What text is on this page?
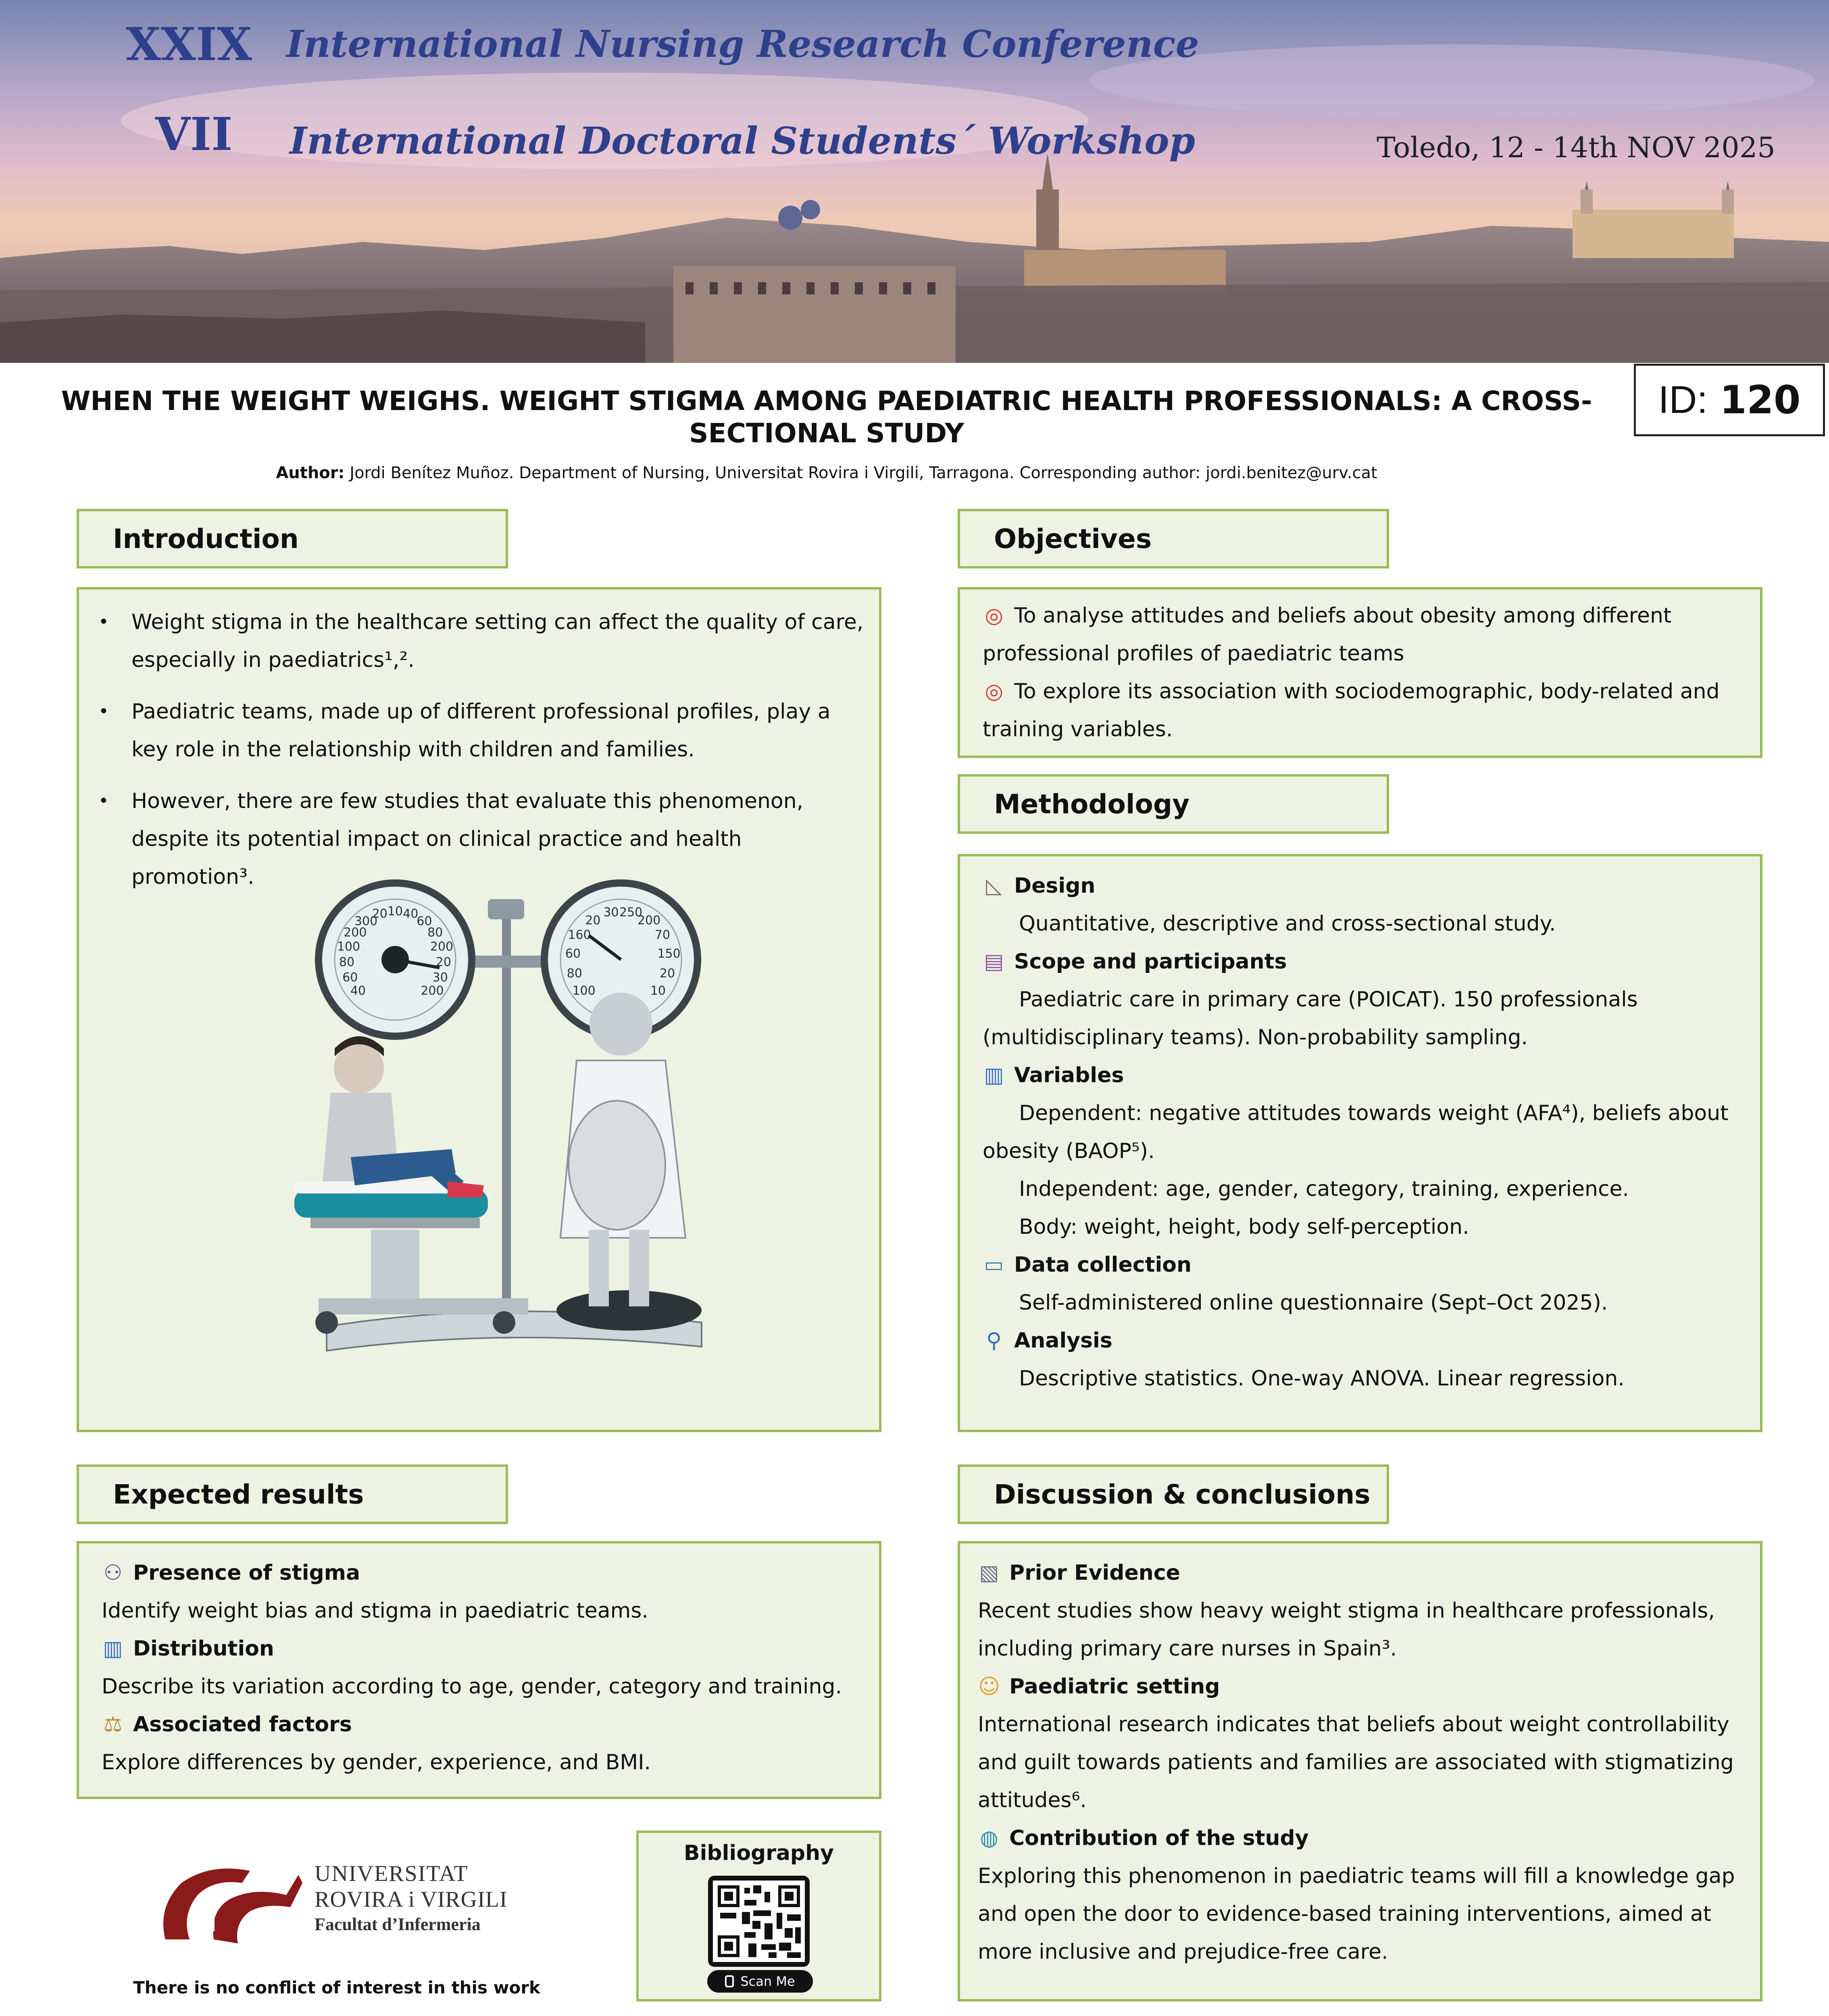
XXIX International Nursing Research Conference
VII International Doctoral Students´ Workshop	Toledo, 12 - 14th NOV 2025
WHEN THE WEIGHT WEIGHS. WEIGHT STIGMA AMONG PAEDIATRIC HEALTH PROFESSIONALS: A CROSS-SECTIONAL STUDY
ID: 120
Author: Jordi Benítez Muñoz. Department of Nursing, Universitat Rovira i Virgili, Tarragona. Corresponding author: jordi.benitez@urv.cat
Introduction
• Weight stigma in the healthcare setting can affect the quality of care, especially in paediatrics¹,².
• Paediatric teams, made up of different professional profiles, play a key role in the relationship with children and families.
• However, there are few studies that evaluate this phenomenon, despite its potential impact on clinical practice and health promotion³.
40
60
80
100
200
300
20 10 40
60
80
200
20
30
200	100
80
60
160
20
30 250
200
70
150
20
10
Objectives
◎ To analyse attitudes and beliefs about obesity among different professional profiles of paediatric teams
◎ To explore its association with sociodemographic, body-related and training variables.
Methodology
◺ Design
Quantitative, descriptive and cross-sectional study.
▤ Scope and participants
Paediatric care in primary care (POICAT). 150 professionals (multidisciplinary teams). Non-probability sampling.
▥ Variables
Dependent: negative attitudes towards weight (AFA⁴), beliefs about obesity (BAOP⁵).
Independent: age, gender, category, training, experience.
Body: weight, height, body self-perception.
▭ Data collection
Self-administered online questionnaire (Sept–Oct 2025).
⚲ Analysis
Descriptive statistics. One-way ANOVA. Linear regression.
Expected results
⚇ Presence of stigma
Identify weight bias and stigma in paediatric teams.
▥ Distribution
Describe its variation according to age, gender, category and training.
⚖ Associated factors
Explore differences by gender, experience, and BMI.
Discussion & conclusions
▧ Prior Evidence
Recent studies show heavy weight stigma in healthcare professionals, including primary care nurses in Spain³.
☺ Paediatric setting
International research indicates that beliefs about weight controllability and guilt towards patients and families are associated with stigmatizing attitudes⁶.
◍ Contribution of the study
Exploring this phenomenon in paediatric teams will fill a knowledge gap and open the door to evidence-based training interventions, aimed at more inclusive and prejudice-free care.
UNIVERSITAT
ROVIRA i VIRGILI
Facultat d’Infermeria
There is no conflict of interest in this work
Bibliography
Scan Me
